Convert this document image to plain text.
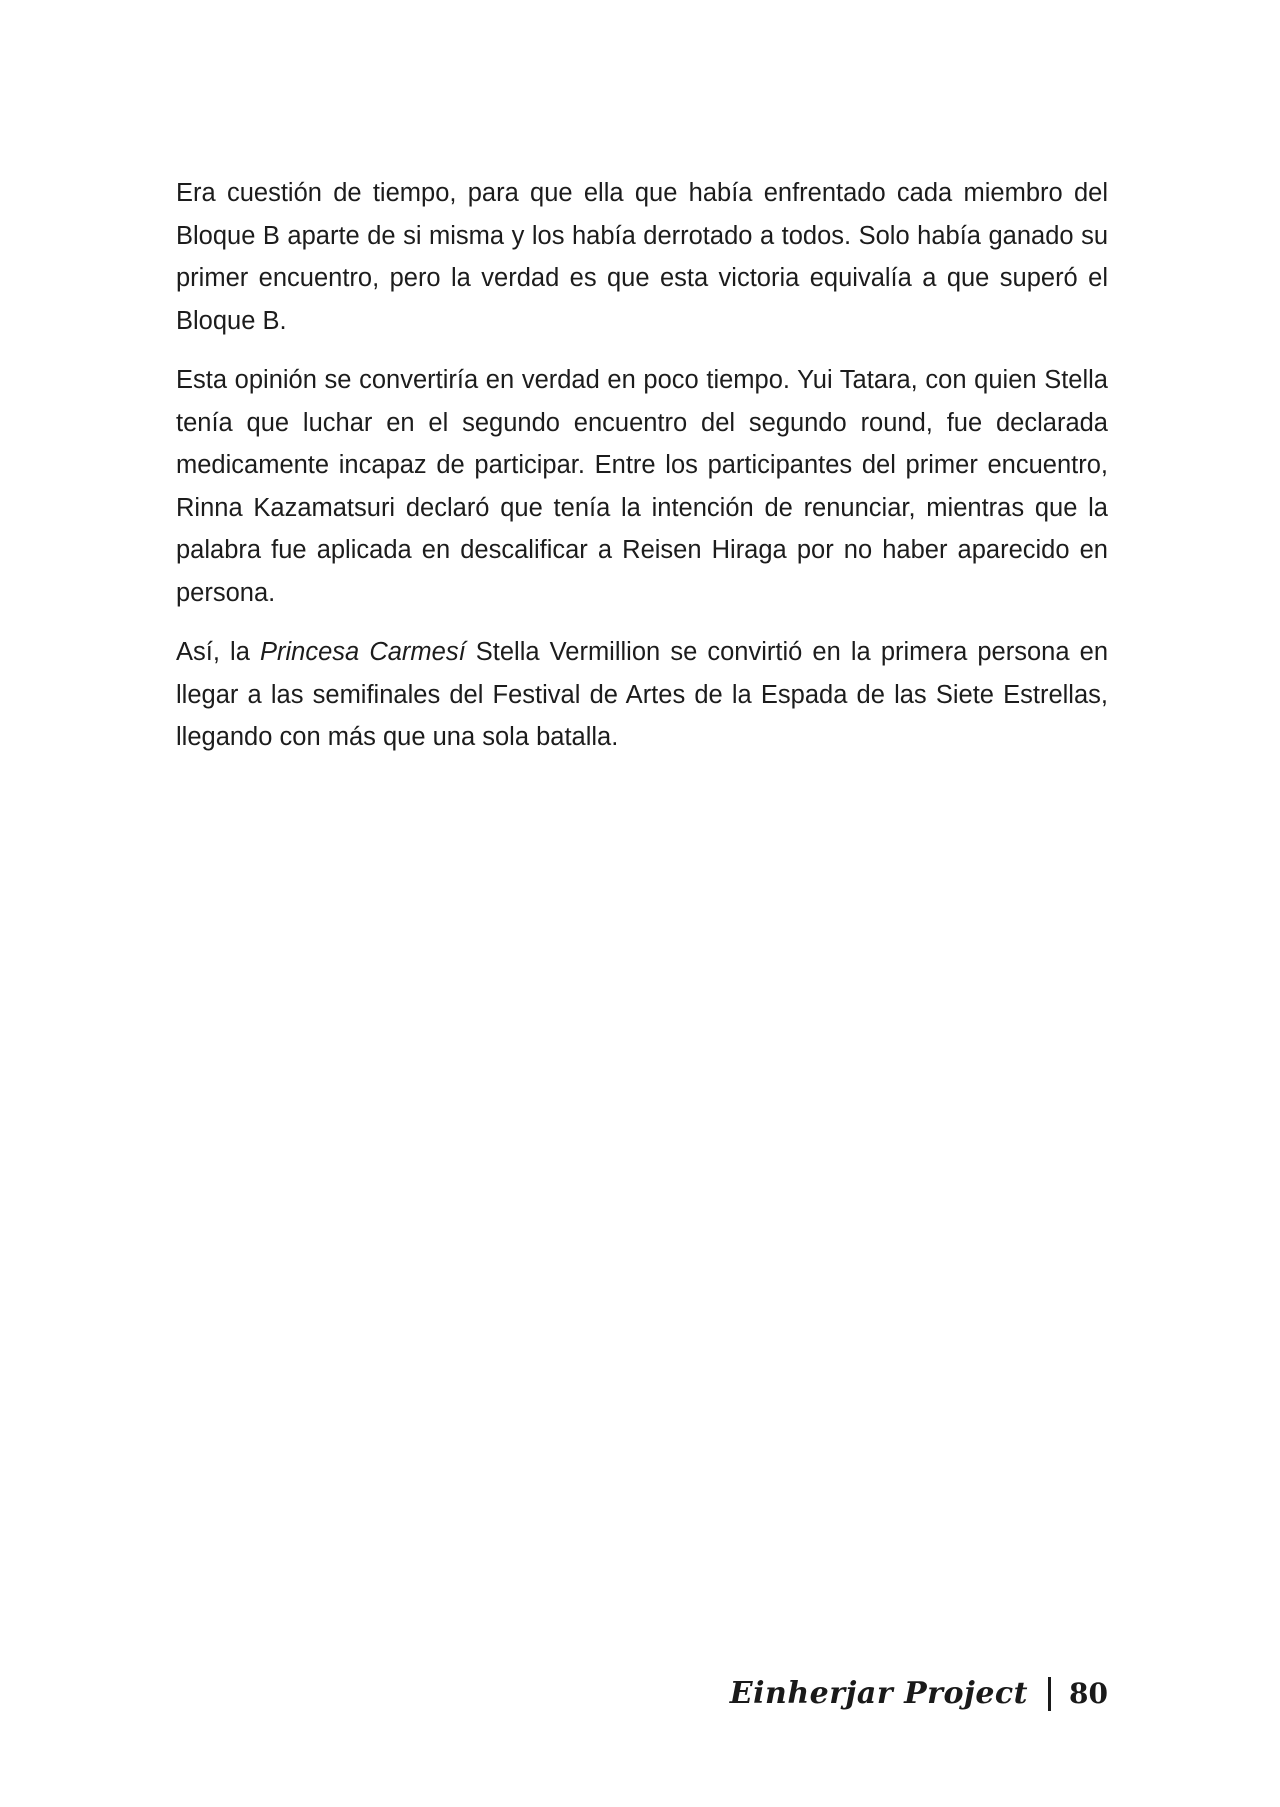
Era cuestión de tiempo, para que ella que había enfrentado cada miembro del Bloque B aparte de si misma y los había derrotado a todos. Solo había ganado su primer encuentro, pero la verdad es que esta victoria equivalía a que superó el Bloque B.

Esta opinión se convertiría en verdad en poco tiempo. Yui Tatara, con quien Stella tenía que luchar en el segundo encuentro del segundo round, fue declarada medicamente incapaz de participar. Entre los participantes del primer encuentro, Rinna Kazamatsuri declaró que tenía la intención de renunciar, mientras que la palabra fue aplicada en descalificar a Reisen Hiraga por no haber aparecido en persona.

Así, la Princesa Carmesí Stella Vermillion se convirtió en la primera persona en llegar a las semifinales del Festival de Artes de la Espada de las Siete Estrellas, llegando con más que una sola batalla.

Einherjar Project 80
